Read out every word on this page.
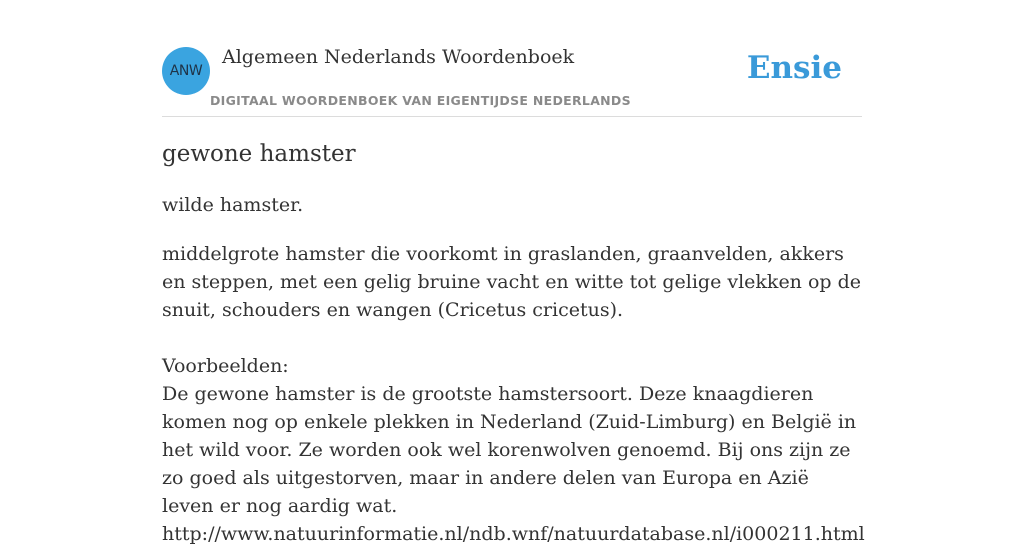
ANW
Algemeen Nederlands Woordenboek
DIGITAAL WOORDENBOEK VAN EIGENTIJDSE NEDERLANDS
Ensie
gewone hamster
wilde hamster.

middelgrote hamster die voorkomt in graslanden, graanvelden, akkers en steppen, met een gelig bruine vacht en witte tot gelige vlekken op de snuit, schouders en wangen (Cricetus cricetus).

Voorbeelden:

De gewone hamster is de grootste hamstersoort. Deze knaagdieren komen nog op enkele plekken in Nederland (Zuid-Limburg) en België in het wild voor. Ze worden ook wel korenwolven genoemd. Bij ons zijn ze zo goed als uitgestorven, maar in andere delen van Europa en Azië leven er nog aardig wat.

http://www.natuurinformatie.nl/ndb.wnf/natuurdatabase.nl/i000211.html
